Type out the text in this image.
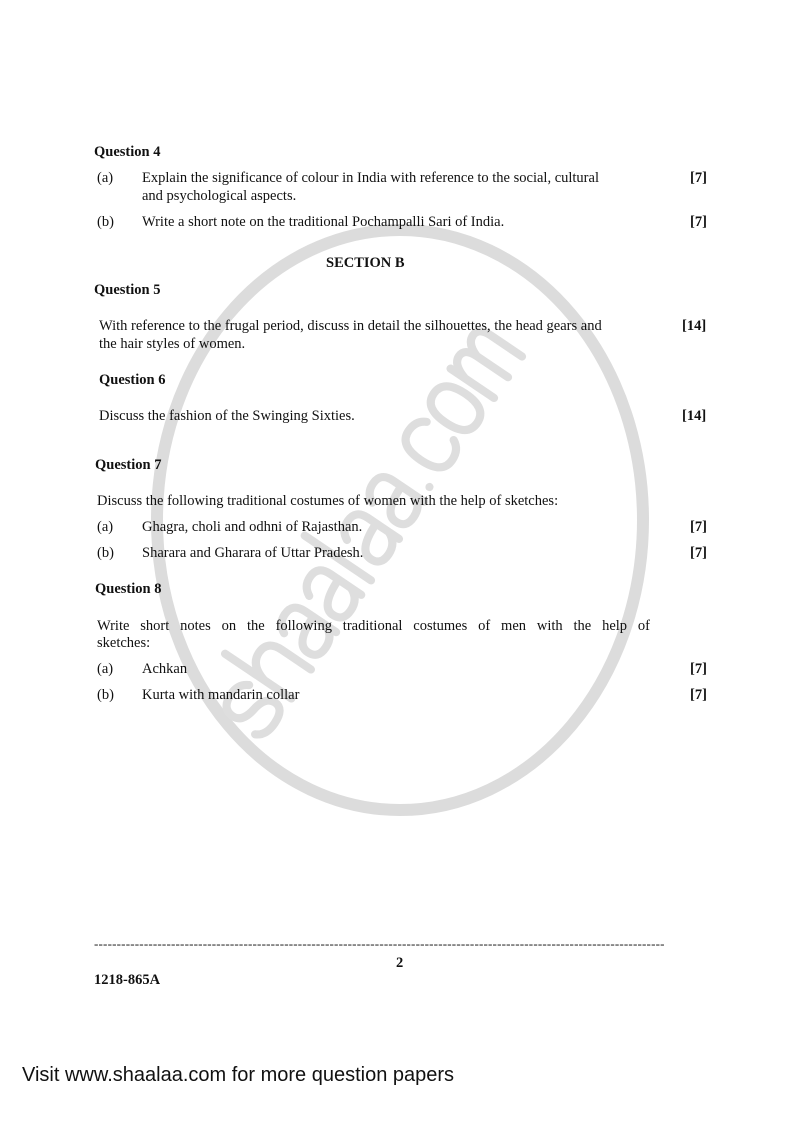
Question 4
(a) Explain the significance of colour in India with reference to the social, cultural
and psychological aspects.
[7]
(b) Write a short note on the traditional Pochampalli Sari of India.	[7]
SECTION B
Question 5
With reference to the frugal period, discuss in detail the silhouettes, the head gears and
the hair styles of women.
[14]
Question 6
Discuss the fashion of the Swinging Sixties.	[14]
Question 7
Discuss the following traditional costumes of women with the help of sketches:
(a) Ghagra, choli and odhni of Rajasthan.	[7]
(b) Sharara and Gharara of Uttar Pradesh.	[7]
Question 8
Write short notes on the following traditional costumes of men with the help of
sketches:
(a) Achkan	[7]
(b) Kurta with mandarin collar	[7]
------------------------------------------------------------------------------------------------------------------------------
2
1218-865A
Visit www.shaalaa.com for more question papers
